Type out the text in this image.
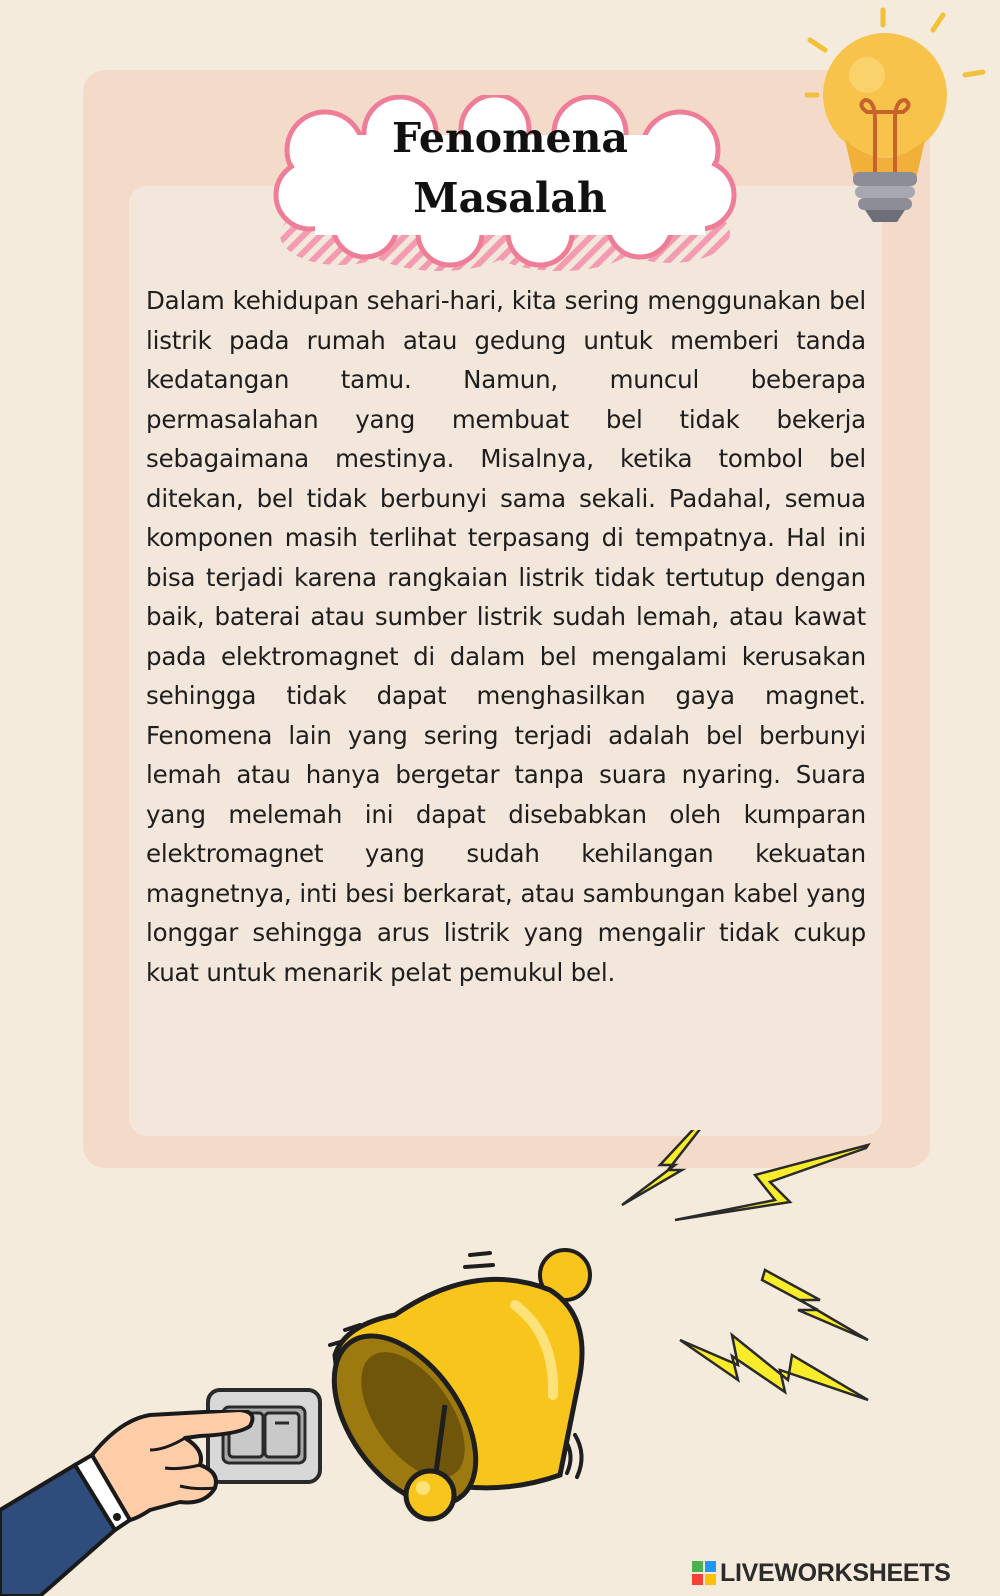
Fenomena
Masalah

Dalam kehidupan sehari-hari, kita sering menggunakan bel listrik pada rumah atau gedung untuk memberi tanda kedatangan tamu. Namun, muncul beberapa permasalahan yang membuat bel tidak bekerja sebagaimana mestinya. Misalnya, ketika tombol bel ditekan, bel tidak berbunyi sama sekali. Padahal, semua komponen masih terlihat terpasang di tempatnya. Hal ini bisa terjadi karena rangkaian listrik tidak tertutup dengan baik, baterai atau sumber listrik sudah lemah, atau kawat pada elektromagnet di dalam bel mengalami kerusakan sehingga tidak dapat menghasilkan gaya magnet. Fenomena lain yang sering terjadi adalah bel berbunyi lemah atau hanya bergetar tanpa suara nyaring. Suara yang melemah ini dapat disebabkan oleh kumparan elektromagnet yang sudah kehilangan kekuatan magnetnya, inti besi berkarat, atau sambungan kabel yang longgar sehingga arus listrik yang mengalir tidak cukup kuat untuk menarik pelat pemukul bel.

LIVEWORKSHEETS
